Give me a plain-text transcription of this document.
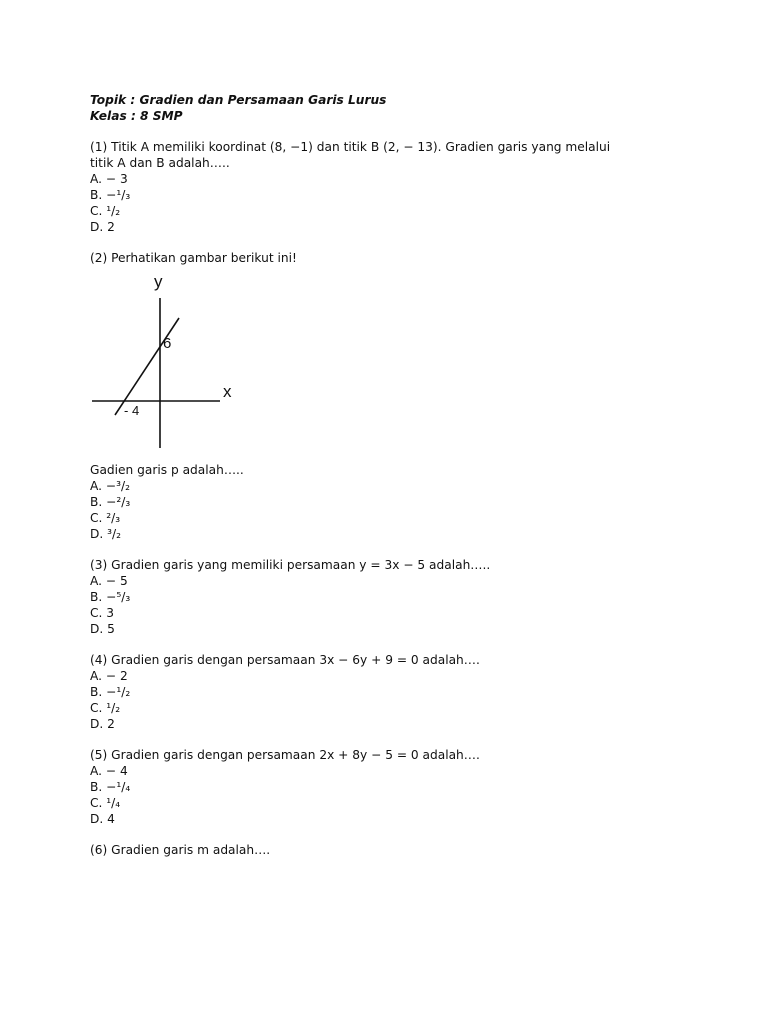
Topik : Gradien dan Persamaan Garis Lurus
Kelas : 8 SMP
(1) Titik A memiliki koordinat (8, −1) dan titik B (2, − 13). Gradien garis yang melalui titik A dan B adalah…..
A. − 3
B. −¹/₃
C. ¹/₂
D. 2
(2) Perhatikan gambar berikut ini!
y
x
6
- 4
Gadien garis p adalah…..
A. −³/₂
B. −²/₃
C. ²/₃
D. ³/₂
(3) Gradien garis yang memiliki persamaan y = 3x − 5 adalah…..
A. − 5
B. −⁵/₃
C. 3
D. 5
(4) Gradien garis dengan persamaan 3x − 6y + 9 = 0 adalah….
A. − 2
B. −¹/₂
C. ¹/₂
D. 2
(5) Gradien garis dengan persamaan 2x + 8y − 5 = 0 adalah….
A. − 4
B. −¹/₄
C. ¹/₄
D. 4
(6) Gradien garis m adalah….
